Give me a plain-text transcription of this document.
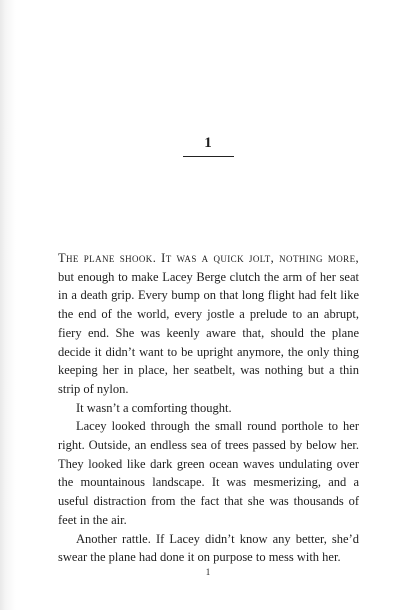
1

The plane shook. It was a quick jolt, nothing more, but enough to make Lacey Berge clutch the arm of her seat in a death grip. Every bump on that long flight had felt like the end of the world, every jostle a prelude to an abrupt, fiery end. She was keenly aware that, should the plane decide it didn’t want to be upright anymore, the only thing keeping her in place, her seatbelt, was nothing but a thin strip of nylon.

It wasn’t a comforting thought.

Lacey looked through the small round porthole to her right. Outside, an endless sea of trees passed by below her. They looked like dark green ocean waves undulating over the mountainous landscape. It was mesmerizing, and a useful distraction from the fact that she was thousands of feet in the air.

Another rattle. If Lacey didn’t know any better, she’d swear the plane had done it on purpose to mess with her.

1
